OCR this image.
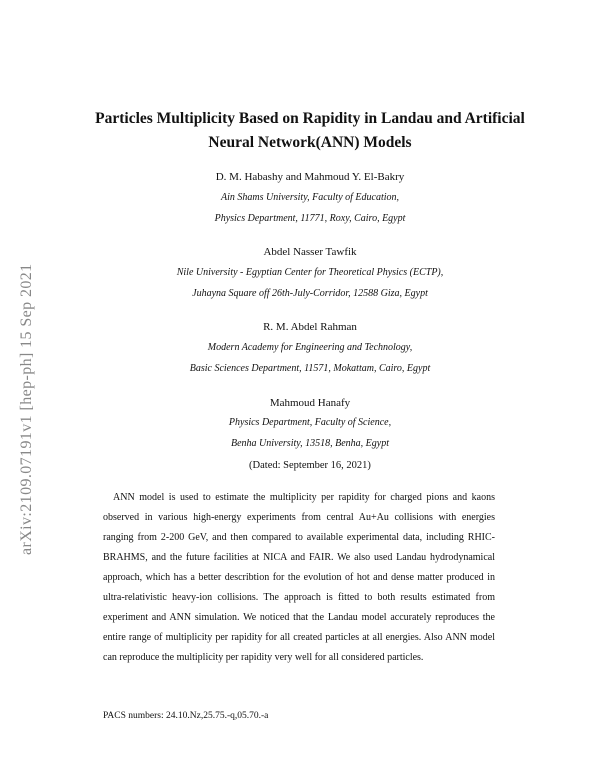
arXiv:2109.07191v1 [hep-ph] 15 Sep 2021
Particles Multiplicity Based on Rapidity in Landau and Artificial
Neural Network(ANN) Models
D. M. Habashy and Mahmoud Y. El-Bakry
Ain Shams University, Faculty of Education,
Physics Department, 11771, Roxy, Cairo, Egypt
Abdel Nasser Tawfik
Nile University - Egyptian Center for Theoretical Physics (ECTP),
Juhayna Square off 26th-July-Corridor, 12588 Giza, Egypt
R. M. Abdel Rahman
Modern Academy for Engineering and Technology,
Basic Sciences Department, 11571, Mokattam, Cairo, Egypt
Mahmoud Hanafy
Physics Department, Faculty of Science,
Benha University, 13518, Benha, Egypt
(Dated: September 16, 2021)

ANN model is used to estimate the multiplicity per rapidity for charged pions and kaons observed in various high-energy experiments from central Au+Au collisions with energies ranging from 2-200 GeV, and then compared to available experimental data, including RHIC-BRAHMS, and the future facilities at NICA and FAIR. We also used Landau hydrodynamical approach, which has a better describtion for the evolution of hot and dense matter produced in ultra-relativistic heavy-ion collisions. The approach is fitted to both results estimated from experiment and ANN simulation. We noticed that the Landau model accurately reproduces the entire range of multiplicity per rapidity for all created particles at all energies. Also ANN model can reproduce the multiplicity per rapidity very well for all considered particles.

PACS numbers: 24.10.Nz,25.75.-q,05.70.-a
